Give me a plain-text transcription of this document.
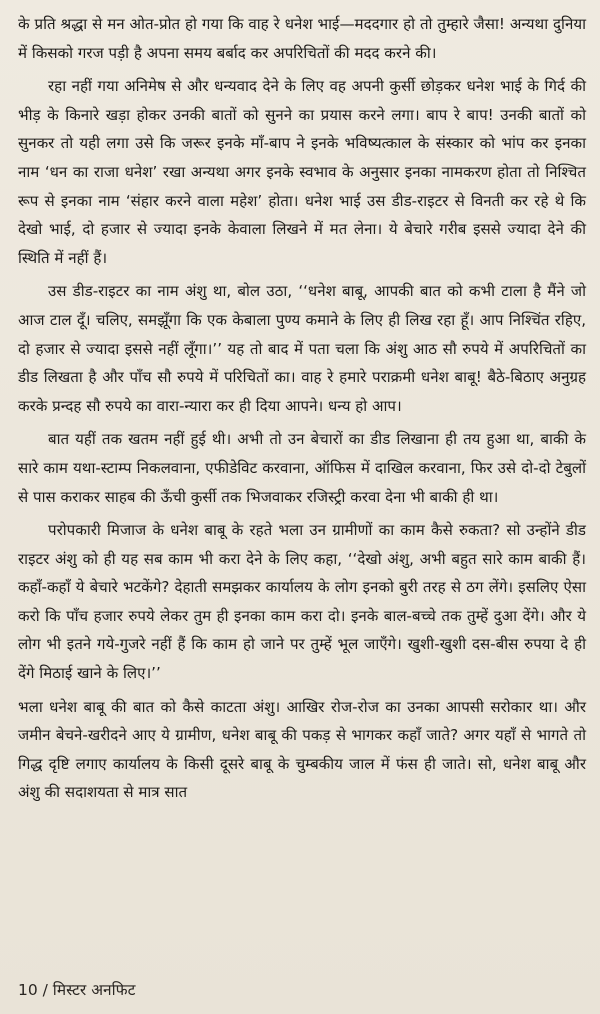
के प्रति श्रद्धा से मन ओत-प्रोत हो गया कि वाह रे धनेश भाई—मददगार हो तो तुम्हारे जैसा! अन्यथा दुनिया में किसको गरज पड़ी है अपना समय बर्बाद कर अपरिचितों की मदद करने की।

रहा नहीं गया अनिमेष से और धन्यवाद देने के लिए वह अपनी कुर्सी छोड़कर धनेश भाई के गिर्द की भीड़ के किनारे खड़ा होकर उनकी बातों को सुनने का प्रयास करने लगा। बाप रे बाप! उनकी बातों को सुनकर तो यही लगा उसे कि जरूर इनके माँ-बाप ने इनके भविष्यत्काल के संस्कार को भांप कर इनका नाम ‘धन का राजा धनेश’ रखा अन्यथा अगर इनके स्वभाव के अनुसार इनका नामकरण होता तो निश्चित रूप से इनका नाम ‘संहार करने वाला महेश’ होता। धनेश भाई उस डीड-राइटर से विनती कर रहे थे कि देखो भाई, दो हजार से ज्यादा इनके केवाला लिखने में मत लेना। ये बेचारे गरीब इससे ज्यादा देने की स्थिति में नहीं हैं।

उस डीड-राइटर का नाम अंशु था, बोल उठा, ‘‘धनेश बाबू, आपकी बात को कभी टाला है मैंने जो आज टाल दूँ। चलिए, समझूँगा कि एक केबाला पुण्य कमाने के लिए ही लिख रहा हूँ। आप निश्चिंत रहिए, दो हजार से ज्यादा इससे नहीं लूँगा।’’ यह तो बाद में पता चला कि अंशु आठ सौ रुपये में अपरिचितों का डीड लिखता है और पाँच सौ रुपये में परिचितों का। वाह रे हमारे पराक्रमी धनेश बाबू! बैठे-बिठाए अनुग्रह करके प्रन्दह सौ रुपये का वारा-न्यारा कर ही दिया आपने। धन्य हो आप।

बात यहीं तक खतम नहीं हुई थी। अभी तो उन बेचारों का डीड लिखाना ही तय हुआ था, बाकी के सारे काम यथा-स्टाम्प निकलवाना, एफीडेविट करवाना, ऑफिस में दाखिल करवाना, फिर उसे दो-दो टेबुलों से पास कराकर साहब की ऊँची कुर्सी तक भिजवाकर रजिस्ट्री करवा देना भी बाकी ही था।

परोपकारी मिजाज के धनेश बाबू के रहते भला उन ग्रामीणों का काम कैसे रुकता? सो उन्होंने डीड राइटर अंशु को ही यह सब काम भी करा देने के लिए कहा, ‘‘देखो अंशु, अभी बहुत सारे काम बाकी हैं। कहाँ-कहाँ ये बेचारे भटकेंगे? देहाती समझकर कार्यालय के लोग इनको बुरी तरह से ठग लेंगे। इसलिए ऐसा करो कि पाँच हजार रुपये लेकर तुम ही इनका काम करा दो। इनके बाल-बच्चे तक तुम्हें दुआ देंगे। और ये लोग भी इतने गये-गुजरे नहीं हैं कि काम हो जाने पर तुम्हें भूल जाएँगे। खुशी-खुशी दस-बीस रुपया दे ही देंगे मिठाई खाने के लिए।’’

भला धनेश बाबू की बात को कैसे काटता अंशु। आखिर रोज-रोज का उनका आपसी सरोकार था। और जमीन बेचने-खरीदने आए ये ग्रामीण, धनेश बाबू की पकड़ से भागकर कहाँ जाते? अगर यहाँ से भागते तो गिद्ध दृष्टि लगाए कार्यालय के किसी दूसरे बाबू के चुम्बकीय जाल में फंस ही जाते। सो, धनेश बाबू और अंशु की सदाशयता से मात्र सात

10 / मिस्टर अनफिट
